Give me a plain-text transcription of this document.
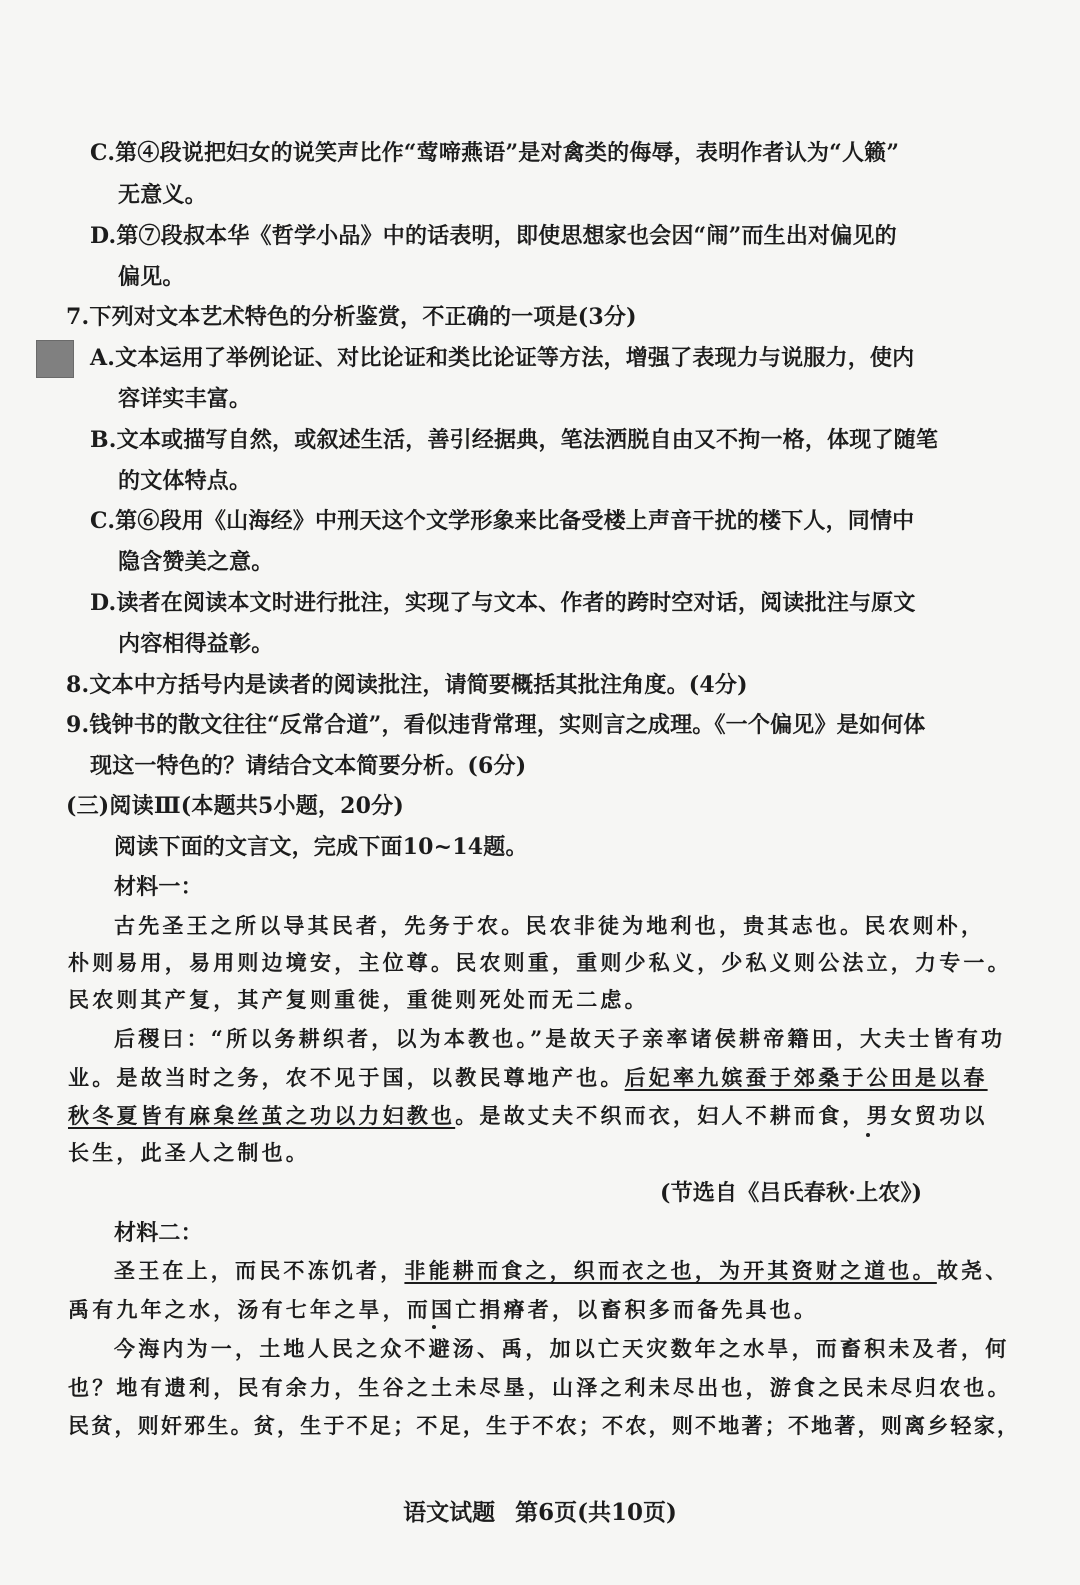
C.第④段说把妇女的说笑声比作“莺啼燕语”是对禽类的侮辱，表明作者认为“人籁”
无意义。
D.第⑦段叔本华《哲学小品》中的话表明，即使思想家也会因“闹”而生出对偏见的
偏见。
7.下列对文本艺术特色的分析鉴赏，不正确的一项是(3分)
A.文本运用了举例论证、对比论证和类比论证等方法，增强了表现力与说服力，使内
容详实丰富。
B.文本或描写自然，或叙述生活，善引经据典，笔法洒脱自由又不拘一格，体现了随笔
的文体特点。
C.第⑥段用《山海经》中刑天这个文学形象来比备受楼上声音干扰的楼下人，同情中
隐含赞美之意。
D.读者在阅读本文时进行批注，实现了与文本、作者的跨时空对话，阅读批注与原文
内容相得益彰。
8.文本中方括号内是读者的阅读批注，请简要概括其批注角度。(4分)
9.钱钟书的散文往往“反常合道”，看似违背常理，实则言之成理。《一个偏见》是如何体
现这一特色的？请结合文本简要分析。(6分)
(三)阅读Ⅲ(本题共5小题，20分)
阅读下面的文言文，完成下面10~14题。
材料一：
古先圣王之所以导其民者，先务于农。民农非徒为地利也，贵其志也。民农则朴，
朴则易用，易用则边境安，主位尊。民农则重，重则少私义，少私义则公法立，力专一。
民农则其产复，其产复则重徙，重徙则死处而无二虑。
后稷曰：“所以务耕织者，以为本教也。”是故天子亲率诸侯耕帝籍田，大夫士皆有功
业。是故当时之务，农不见于国，以教民尊地产也。后妃率九嫔蚕于郊桑于公田是以春
秋冬夏皆有麻枲丝茧之功以力妇教也。是故丈夫不织而衣，妇人不耕而食，男女贸功以
长生，此圣人之制也。
(节选自《吕氏春秋·上农》)
材料二：
圣王在上，而民不冻饥者，非能耕而食之，织而衣之也，为开其资财之道也。故尧、
禹有九年之水，汤有七年之旱，而国亡捐瘠者，以畜积多而备先具也。
今海内为一，土地人民之众不避汤、禹，加以亡天灾数年之水旱，而畜积未及者，何
也？地有遗利，民有余力，生谷之土未尽垦，山泽之利未尽出也，游食之民未尽归农也。
民贫，则奸邪生。贫，生于不足；不足，生于不农；不农，则不地著；不地著，则离乡轻家，
语文试题 第6页(共10页)
